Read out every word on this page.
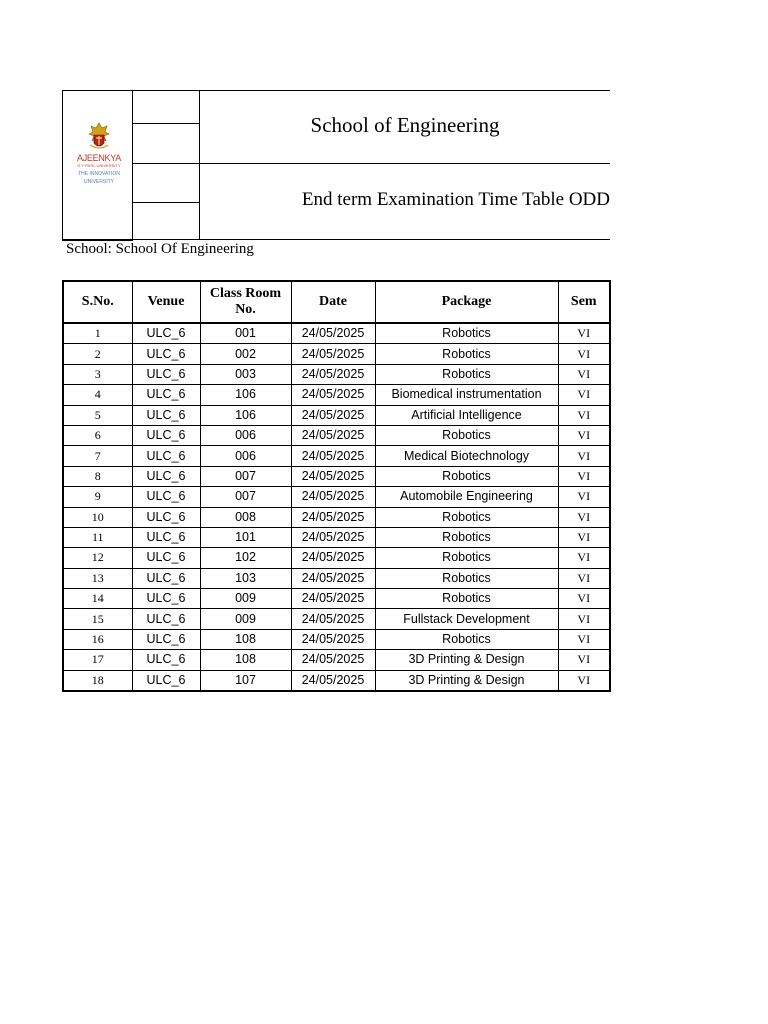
AJEENKYA
D Y PATIL UNIVERSITY
THE INNOVATION
UNIVERSITY
School of Engineering
End term Examination Time Table ODD
School: School Of Engineering
S.No.	Venue	Class Room No.	Date	Package	Sem
1	ULC_6	001	24/05/2025	Robotics	VI
2	ULC_6	002	24/05/2025	Robotics	VI
3	ULC_6	003	24/05/2025	Robotics	VI
4	ULC_6	106	24/05/2025	Biomedical instrumentation	VI
5	ULC_6	106	24/05/2025	Artificial Intelligence	VI
6	ULC_6	006	24/05/2025	Robotics	VI
7	ULC_6	006	24/05/2025	Medical Biotechnology	VI
8	ULC_6	007	24/05/2025	Robotics	VI
9	ULC_6	007	24/05/2025	Automobile Engineering	VI
10	ULC_6	008	24/05/2025	Robotics	VI
11	ULC_6	101	24/05/2025	Robotics	VI
12	ULC_6	102	24/05/2025	Robotics	VI
13	ULC_6	103	24/05/2025	Robotics	VI
14	ULC_6	009	24/05/2025	Robotics	VI
15	ULC_6	009	24/05/2025	Fullstack Development	VI
16	ULC_6	108	24/05/2025	Robotics	VI
17	ULC_6	108	24/05/2025	3D Printing & Design	VI
18	ULC_6	107	24/05/2025	3D Printing & Design	VI
